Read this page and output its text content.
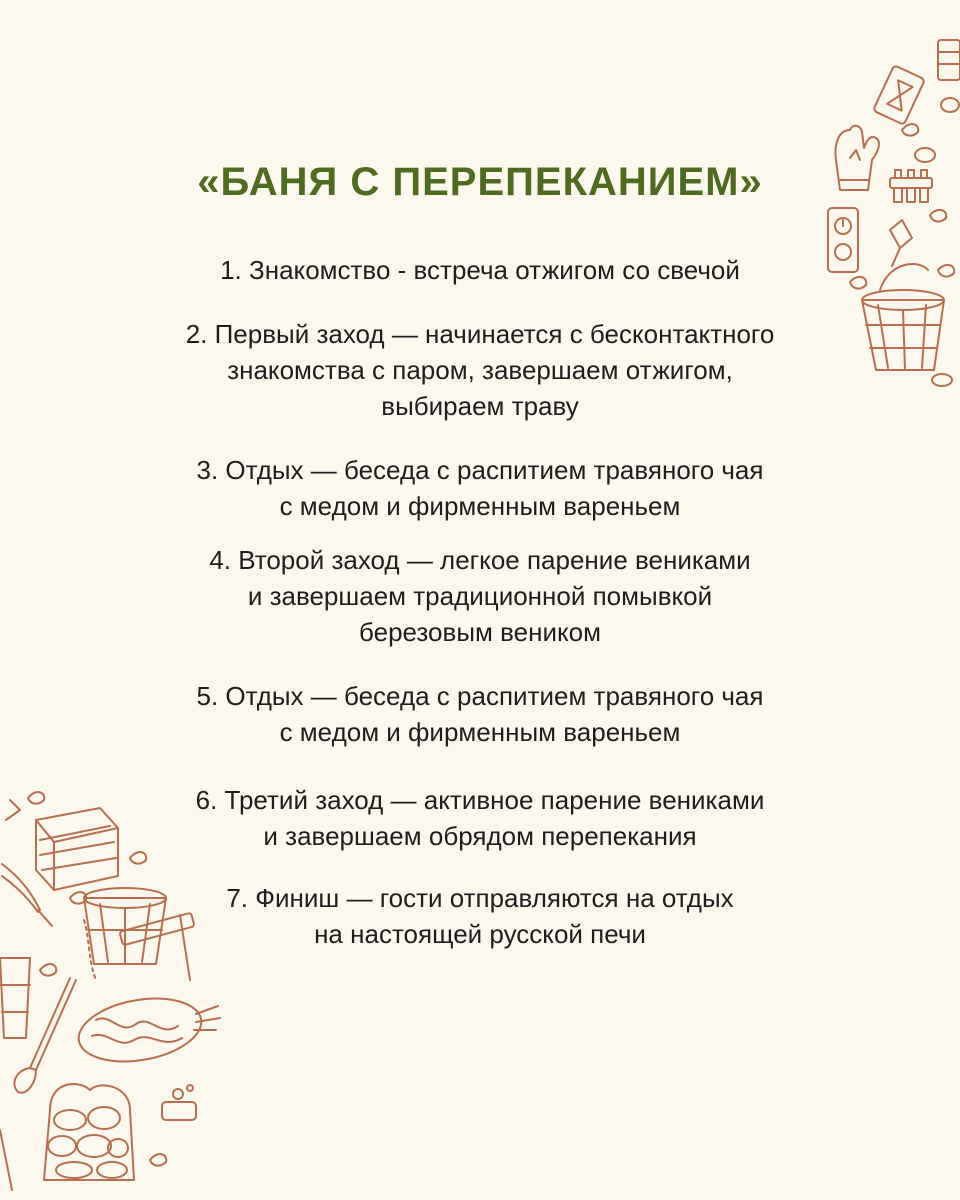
«БАНЯ С ПЕРЕПЕКАНИЕМ»
1. Знакомство - встреча отжигом со свечой
2. Первый заход — начинается с бесконтактного
знакомства с паром, завершаем отжигом,
выбираем траву
3. Отдых — беседа с распитием травяного чая
с медом и фирменным вареньем
4. Второй заход — легкое парение вениками
и завершаем традиционной помывкой
березовым веником
5. Отдых — беседа с распитием травяного чая
с медом и фирменным вареньем
6. Третий заход — активное парение вениками
и завершаем обрядом перепекания
7. Финиш — гости отправляются на отдых
на настоящей русской печи
